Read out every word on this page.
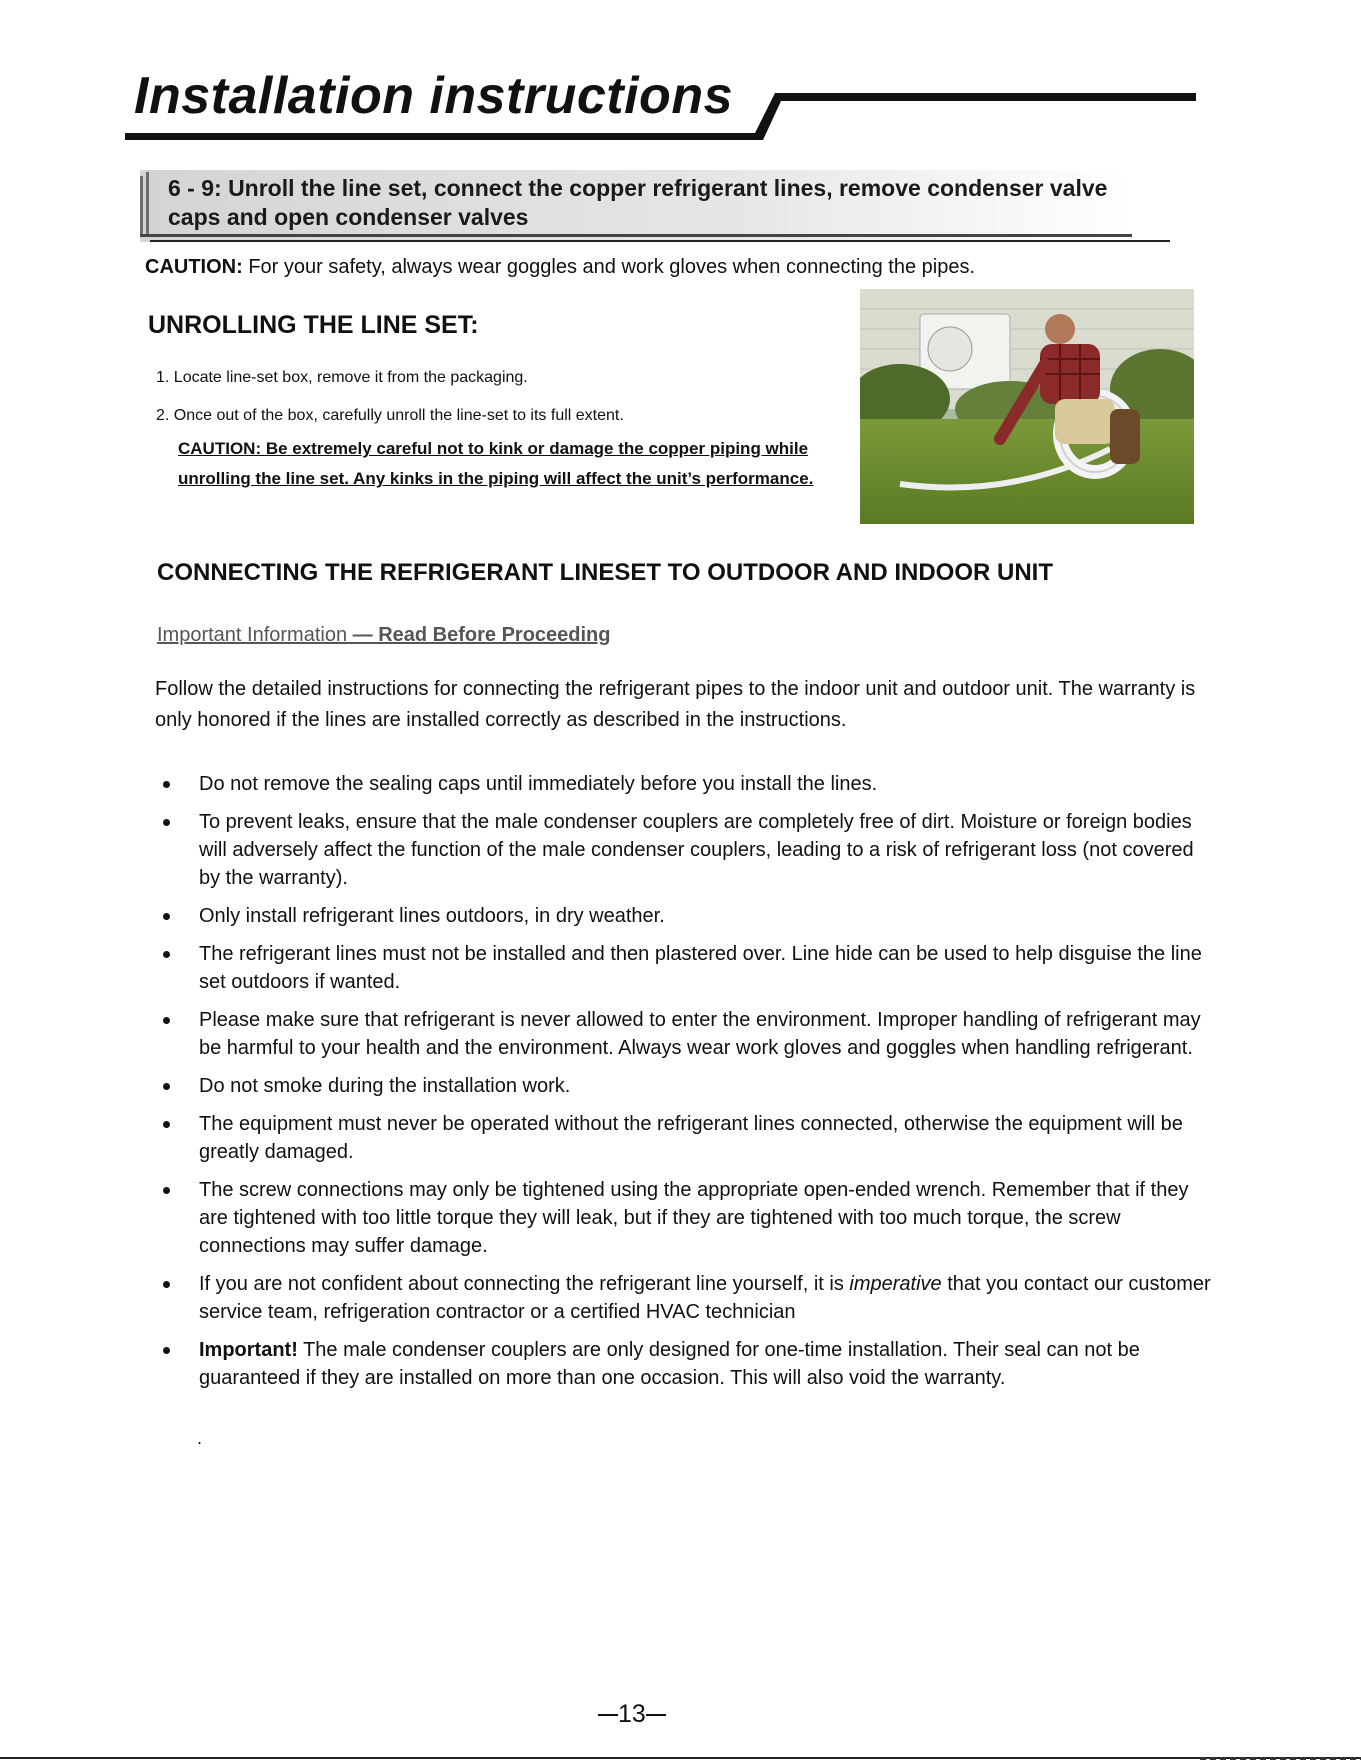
Installation instructions
6 - 9: Unroll the line set, connect the copper refrigerant lines, remove condenser valve caps and open condenser valves
CAUTION: For your safety, always wear goggles and work gloves when connecting the pipes.
UNROLLING THE LINE SET:
1. Locate line-set box, remove it from the packaging.
2. Once out of the box, carefully unroll the line-set to its full extent.
CAUTION: Be extremely careful not to kink or damage the copper piping while unrolling the line set. Any kinks in the piping will affect the unit’s performance.
CONNECTING THE REFRIGERANT LINESET TO OUTDOOR AND INDOOR UNIT
Important Information — Read Before Proceeding
Follow the detailed instructions for connecting the refrigerant pipes to the indoor unit and outdoor unit. The warranty is only honored if the lines are installed correctly as described in the instructions.
Do not remove the sealing caps until immediately before you install the lines.
To prevent leaks, ensure that the male condenser couplers are completely free of dirt. Moisture or foreign bodies will adversely affect the function of the male condenser couplers, leading to a risk of refrigerant loss (not covered by the warranty).
Only install refrigerant lines outdoors, in dry weather.
The refrigerant lines must not be installed and then plastered over. Line hide can be used to help disguise the line set outdoors if wanted.
Please make sure that refrigerant is never allowed to enter the environment. Improper handling of refrigerant may be harmful to your health and the environment. Always wear work gloves and goggles when handling refrigerant.
Do not smoke during the installation work.
The equipment must never be operated without the refrigerant lines connected, otherwise the equipment will be greatly damaged.
The screw connections may only be tightened using the appropriate open-ended wrench. Remember that if they are tightened with too little torque they will leak, but if they are tightened with too much torque, the screw connections may suffer damage.
If you are not confident about connecting the refrigerant line yourself, it is imperative that you contact our customer service team, refrigeration contractor or a certified HVAC technician
Important! The male condenser couplers are only designed for one-time installation. Their seal can not be guaranteed if they are installed on more than one occasion. This will also void the warranty.
.
13
